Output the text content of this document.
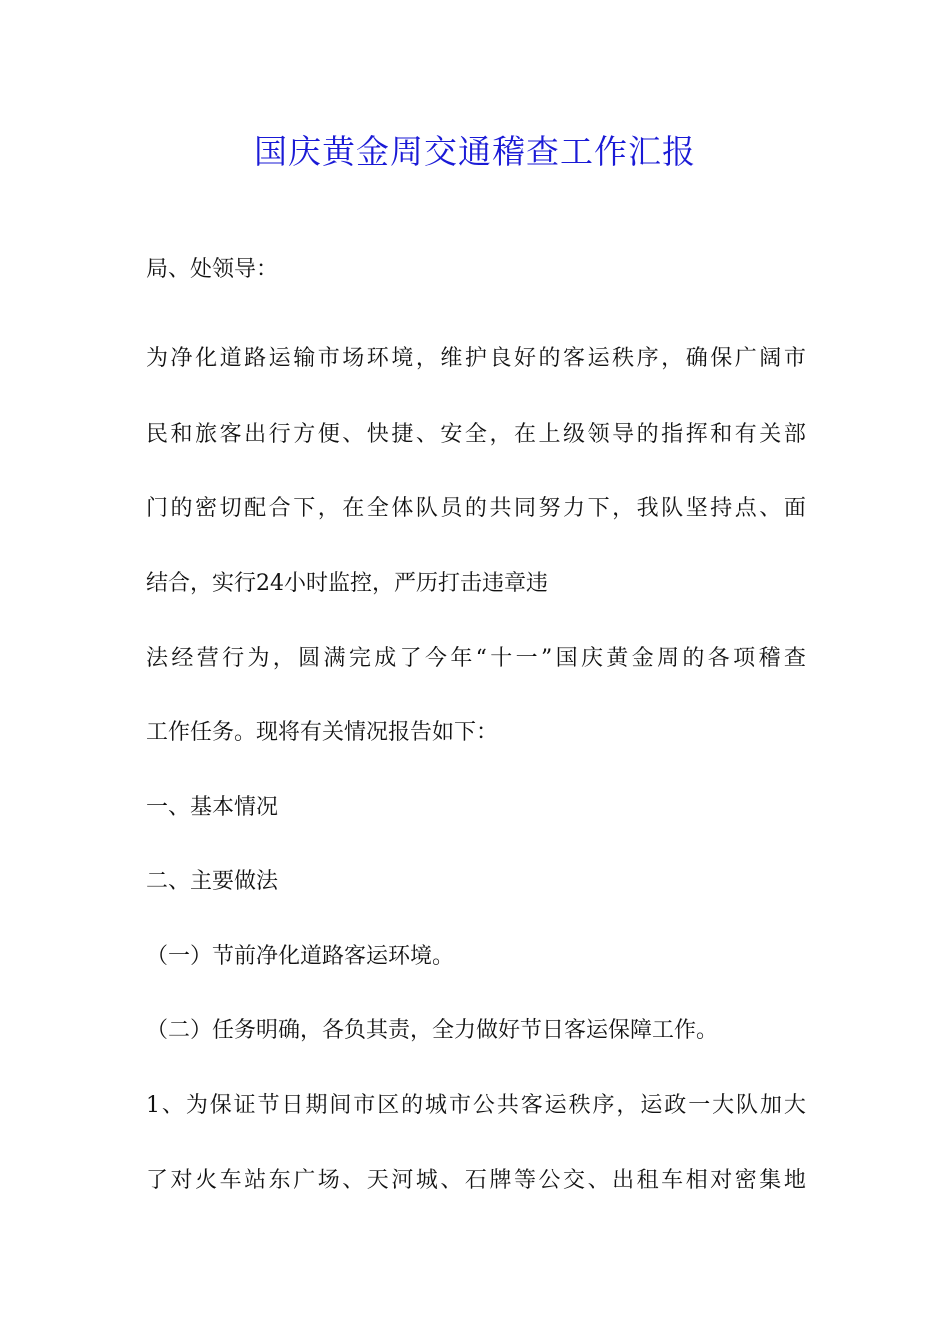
国庆黄金周交通稽查工作汇报
局、处领导：
为 净 化 道 路 运 输 市 场 环 境 ， 维 护 良 好 的 客 运 秩 序 ， 确 保 广 阔 市
民 和 旅 客 出 行 方 便 、 快 捷 、 安 全 ， 在 上 级 领 导 的 指 挥 和 有 关 部
门 的 密 切 配 合 下 ， 在 全 体 队 员 的 共 同 努 力 下 ， 我 队 坚 持 点 、 面
结合，实行24小时监控，严历打击违章违
法 经 营 行 为 ， 圆 满 完 成 了 今 年 “ 十 一 ” 国 庆 黄 金 周 的 各 项 稽 查
工作任务。现将有关情况报告如下：
一、基本情况
二、主要做法
（一）节前净化道路客运环境。
（二）任务明确，各负其责，全力做好节日客运保障工作。
1 、 为 保 证 节 日 期 间 市 区 的 城 市 公 共 客 运 秩 序 ， 运 政 一 大 队 加 大
了 对 火 车 站 东 广 场 、 天 河 城 、 石 牌 等 公 交 、 出 租 车 相 对 密 集 地
